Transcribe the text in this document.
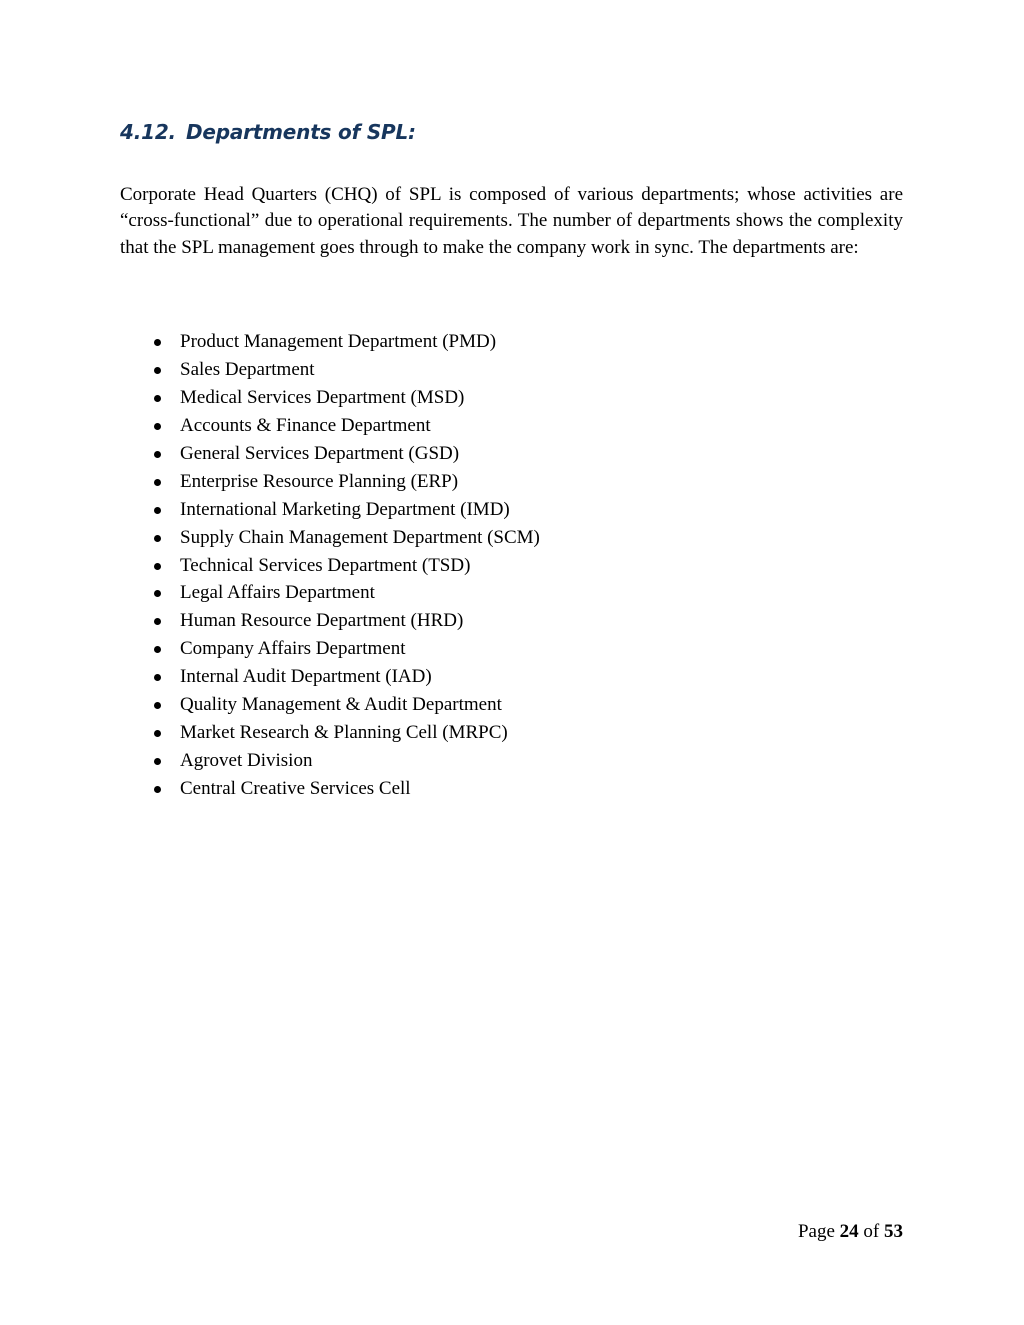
4.12. Departments of SPL:

Corporate Head Quarters (CHQ) of SPL is composed of various departments; whose activities are “cross-functional” due to operational requirements. The number of departments shows the complexity that the SPL management goes through to make the company work in sync. The departments are:

Product Management Department (PMD)
Sales Department
Medical Services Department (MSD)
Accounts & Finance Department
General Services Department (GSD)
Enterprise Resource Planning (ERP)
International Marketing Department (IMD)
Supply Chain Management Department (SCM)
Technical Services Department (TSD)
Legal Affairs Department
Human Resource Department (HRD)
Company Affairs Department
Internal Audit Department (IAD)
Quality Management & Audit Department
Market Research & Planning Cell (MRPC)
Agrovet Division
Central Creative Services Cell
Page 24 of 53
